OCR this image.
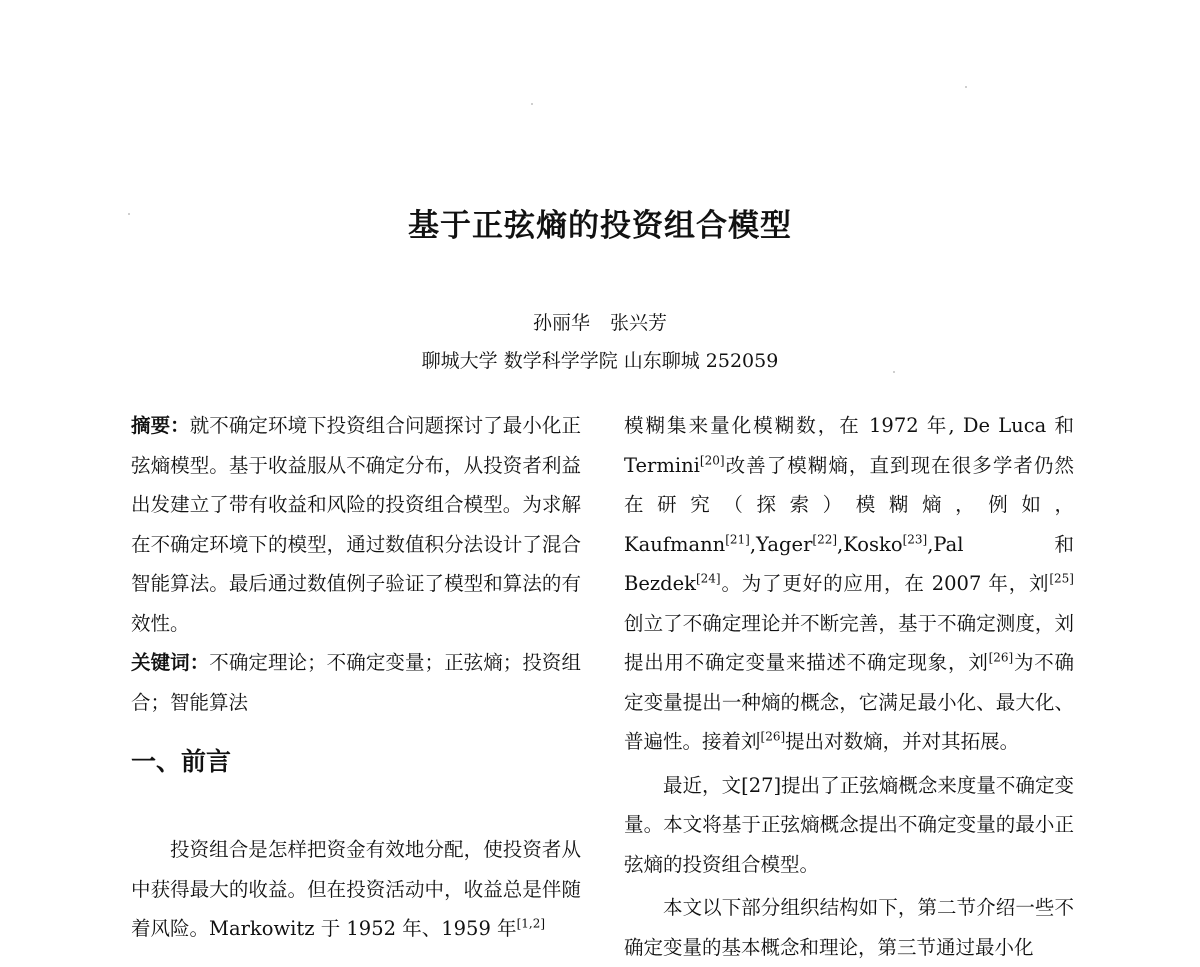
基于正弦熵的投资组合模型
孙丽华 张兴芳
聊城大学 数学科学学院 山东聊城 252059

摘要：就不确定环境下投资组合问题探讨了最小化正弦熵模型。基于收益服从不确定分布，从投资者利益出发建立了带有收益和风险的投资组合模型。为求解在不确定环境下的模型，通过数值积分法设计了混合智能算法。最后通过数值例子验证了模型和算法的有效性。

关键词：不确定理论；不确定变量；正弦熵；投资组合；智能算法

一、前言

投资组合是怎样把资金有效地分配，使投资者从中获得最大的收益。但在投资活动中，收益总是伴随着风险。Markowitz 于 1952 年、1959 年[1,2]

模糊集来量化模糊数，在 1972 年, De Luca 和 Termini[20]改善了模糊熵，直到现在很多学者仍然在研究（探索）模糊熵，例如，Kaufmann[21],Yager[22],Kosko[23],Pal 和 Bezdek[24]。为了更好的应用，在 2007 年，刘[25]创立了不确定理论并不断完善，基于不确定测度，刘提出用不确定变量来描述不确定现象，刘[26]为不确定变量提出一种熵的概念，它满足最小化、最大化、普遍性。接着刘[26]提出对数熵，并对其拓展。

最近，文[27]提出了正弦熵概念来度量不确定变量。本文将基于正弦熵概念提出不确定变量的最小正弦熵的投资组合模型。

本文以下部分组织结构如下，第二节介绍一些不确定变量的基本概念和理论，第三节通过最小化
